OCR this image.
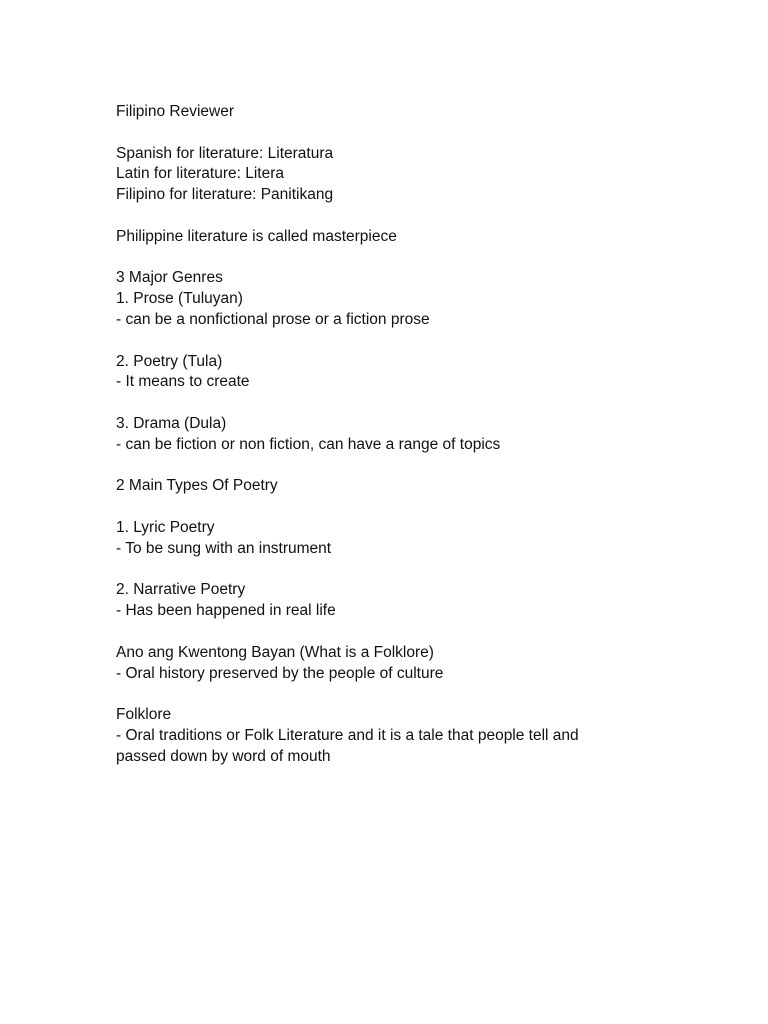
Filipino Reviewer
Spanish for literature: Literatura
Latin for literature: Litera
Filipino for literature: Panitikang
Philippine literature is called masterpiece
3 Major Genres
1. Prose (Tuluyan)
- can be a nonfictional prose or a fiction prose
2. Poetry (Tula)
- It means to create
3. Drama (Dula)
- can be fiction or non fiction, can have a range of topics
2 Main Types Of Poetry
1. Lyric Poetry
- To be sung with an instrument
2. Narrative Poetry
- Has been happened in real life
Ano ang Kwentong Bayan (What is a Folklore)
- Oral history preserved by the people of culture
Folklore
- Oral traditions or Folk Literature and it is a tale that people tell and
passed down by word of mouth
